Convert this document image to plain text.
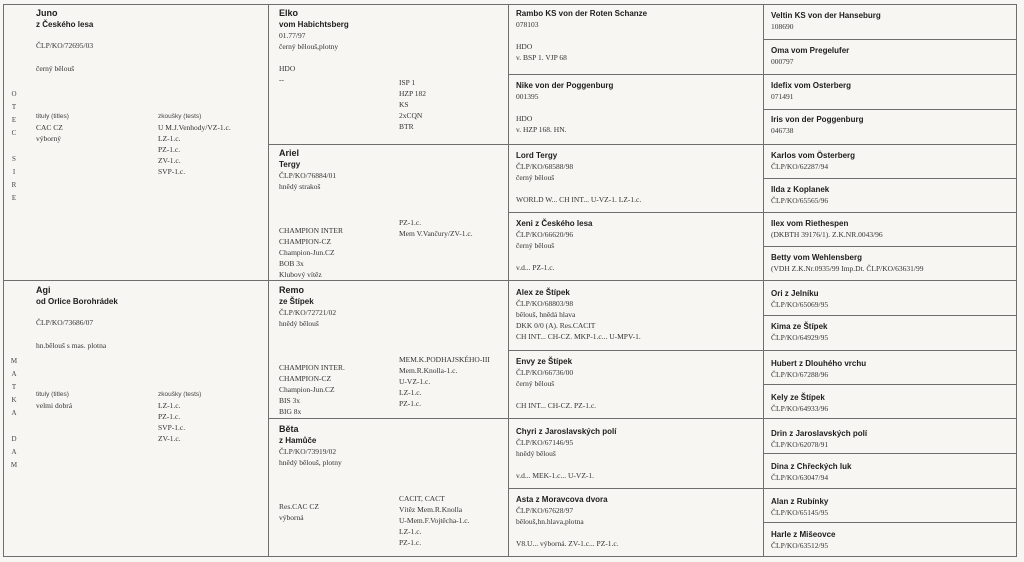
O
T
E
C

S
I
R
E
M
A
T
K
A

D
A
M
Juno
z Českého lesa
ČLP/KO/72695/03
černý bělouš
tituly (titles)
CAC CZ
výborný
zkoušky (tests)
U M.J.Venhody/VZ-1.c.
LZ-1.c.
PZ-1.c.
ZV-1.c.
SVP-1.c.
Agi
od Orlice Borohrádek
ČLP/KO/73686/07
hn.bělouš s mas. plotna
tituly (titles)
velmi dobrá
zkoušky (tests)
LZ-1.c.
PZ-1.c.
SVP-1.c.
ZV-1.c.
Elko
vom Habichtsberg
01.77/97
černý bělouš,plotny

HDO
--	ISP 1
HZP 182
KS
2xCQN
BTR
Ariel
Tergy
ČLP/KO/76884/01
hnědý strakoš

CHAMPION INTER
CHAMPION-CZ
Champion-Jun.CZ
BOB 3x
Klubový vítěz
PZ-1.c.
Mem V.Vančury/ZV-1.c.
Remo
ze Štípek
ČLP/KO/72721/02
hnědý bělouš

CHAMPION INTER.
CHAMPION-CZ
Champion-Jun.CZ
BIS 3x
BIG 8x
MEM.K.PODHAJSKÉHO-III
Mem.R.Knolla-1.c.
U-VZ-1.c.
LZ-1.c.
PZ-1.c.
Běta
z Hamůče
ČLP/KO/73919/02
hnědý bělouš, plotny

Res.CAC CZ
výborná
CACIT, CACT
Vítěz Mem.R.Knolla
U-Mem.F.Vojtěcha-1.c.
LZ-1.c.
PZ-1.c.
Rambo KS von der Roten Schanze
078103

HDO
v. BSP 1. VJP 68
Nike von der Poggenburg
001395

HDO
v. HZP 168. HN.
Lord Tergy
ČLP/KO/68588/98
černý bělouš

WORLD W... CH INT... U-VZ-1. LZ-1.c.
Xeni z Českého lesa
ČLP/KO/66620/96
černý bělouš

v.d... PZ-1.c.
Alex ze Štípek
ČLP/KO/68803/98
bělouš, hnědá hlava
DKK 0/0 (A). Res.CACIT
CH INT... CH-CZ. MKP-1.c... U-MPV-1.
Envy ze Štípek
ČLP/KO/66736/00
černý bělouš

CH INT... CH-CZ. PZ-1.c.
Chyri z Jaroslavských polí
ČLP/KO/67146/95
hnědý bělouš

v.d... MEK-1.c... U-VZ-1.
Asta z Moravcova dvora
ČLP/KO/67628/97
bělouš,hn.hlava,plotna

V8.U... výborná. ZV-1.c... PZ-1.c.
Veltin KS von der Hanseburg
108690
Oma vom Pregelufer
000797
Idefix vom Osterberg
071491
Iris von der Poggenburg
046738
Karlos vom Österberg
ČLP/KO/62287/94
Ilda z Koplanek
ČLP/KO/65565/96
Ilex vom Riethespen
(DKBTH 39176/1). Z.K.NR.0043/96
Betty vom Wehlensberg
(VDH Z.K.Nr.0935/99 Imp.Dt. ČLP/KO/63631/99
Ori z Jelníku
ČLP/KO/65069/95
Kima ze Štípek
ČLP/KO/64929/95
Hubert z Dlouhého vrchu
ČLP/KO/67288/96
Kely ze Štípek
ČLP/KO/64933/96
Drin z Jaroslavských polí
ČLP/KO/62078/91
Dina z Chřeckých luk
ČLP/KO/63047/94
Alan z Rubínky
ČLP/KO/65145/95
Harle z Mišeovce
ČLP/KO/63512/95
